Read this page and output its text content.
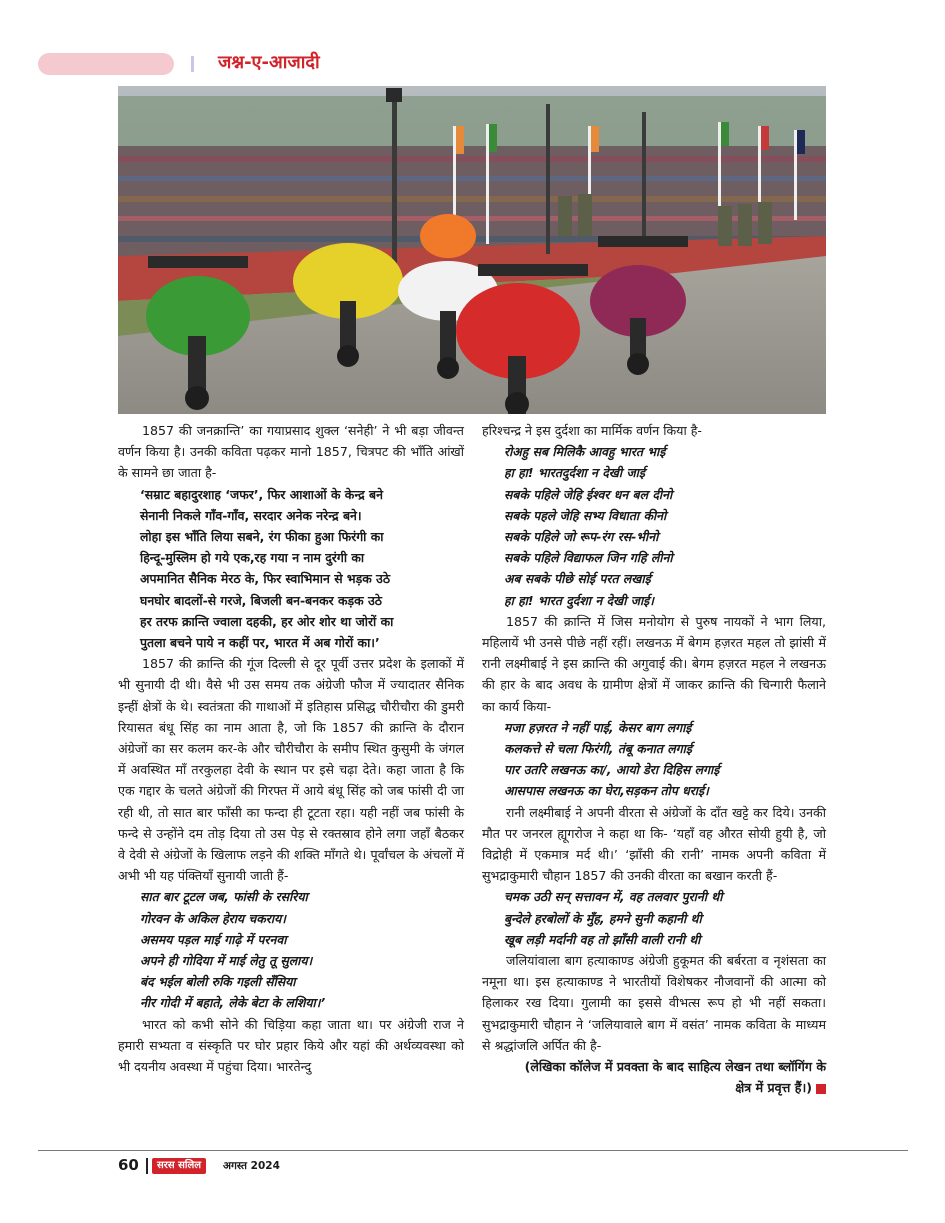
जश्न-ए-आजादी

1857 की जनक्रान्ति’ का गयाप्रसाद शुक्ल ‘सनेही’ ने भी बड़ा जीवन्त वर्णन किया है। उनकी कविता पढ़कर मानो 1857, चित्रपट की भाँति आंखों के सामने छा जाता है-

‘सम्राट बहादुरशाह ‘जफर’, फिर आशाओं के केन्द्र बने
सेनानी निकले गाँव-गाँव, सरदार अनेक नरेन्द्र बने।
लोहा इस भाँति लिया सबने, रंग फीका हुआ फिरंगी का
हिन्दू-मुस्लिम हो गये एक,रह गया न नाम दुरंगी का
अपमानित सैनिक मेरठ के, फिर स्वाभिमान से भड़क उठे
घनघोर बादलों-से गरजे, बिजली बन-बनकर कड़क उठे
हर तरफ क्रान्ति ज्वाला दहकी, हर ओर शोर था जोरों का
पुतला बचने पाये न कहीं पर, भारत में अब गोरों का।’

1857 की क्रान्ति की गूंज दिल्ली से दूर पूर्वी उत्तर प्रदेश के इलाकों में भी सुनायी दी थी। वैसे भी उस समय तक अंग्रेजी फौज में ज्यादातर सैनिक इन्हीं क्षेत्रों के थे। स्वतंत्रता की गाथाओं में इतिहास प्रसिद्ध चौरीचौरा की डुमरी रियासत बंधू सिंह का नाम आता है, जो कि 1857 की क्रान्ति के दौरान अंग्रेजों का सर कलम कर-के और चौरीचौरा के समीप स्थित कुसुमी के जंगल में अवस्थित माँ तरकुलहा देवी के स्थान पर इसे चढ़ा देते। कहा जाता है कि एक गद्दार के चलते अंग्रेजों की गिरफ्त में आये बंधू सिंह को जब फांसी दी जा रही थी, तो सात बार फाँसी का फन्दा ही टूटता रहा। यही नहीं जब फांसी के फन्दे से उन्होंने दम तोड़ दिया तो उस पेड़ से रक्तस्राव होने लगा जहाँ बैठकर वे देवी से अंग्रेजों के खिलाफ लड़ने की शक्ति माँगते थे। पूर्वांचल के अंचलों में अभी भी यह पंक्तियाँ सुनायी जाती हैं-

सात बार टूटल जब, फांसी के रसरिया
गोरवन के अकिल हेराय चकराय।
असमय पड़ल माई गाढ़े में परनवा
अपने ही गोदिया में माई लेतु तू सुलाय।
बंद भईल बोली रुकि गइली सँसिया
नीर गोदी में बहाते, लेके बेटा के लशिया।’

भारत को कभी सोने की चिड़िया कहा जाता था। पर अंग्रेजी राज ने हमारी सभ्यता व संस्कृति पर घोर प्रहार किये और यहां की अर्थव्यवस्था को भी दयनीय अवस्था में पहुंचा दिया। भारतेन्दु

हरिश्चन्द्र ने इस दुर्दशा का मार्मिक वर्णन किया है-

रोअहु सब मिलिकै आवहु भारत भाई
हा हा! भारतदुर्दशा न देखी जाई
सबके पहिले जेहि ईश्वर धन बल दीनो
सबके पहले जेहि सभ्य विधाता कीनो
सबके पहिले जो रूप-रंग रस-भीनो
सबके पहिले विद्याफल जिन गहि लीनो
अब सबके पीछे सोई परत लखाई
हा हा! भारत दुर्दशा न देखी जाई।

1857 की क्रान्ति में जिस मनोयोग से पुरुष नायकों ने भाग लिया, महिलायें भी उनसे पीछे नहीं रहीं। लखनऊ में बेगम हज़रत महल तो झांसी में रानी लक्ष्मीबाई ने इस क्रान्ति की अगुवाई की। बेगम हज़रत महल ने लखनऊ की हार के बाद अवध के ग्रामीण क्षेत्रों में जाकर क्रान्ति की चिन्गारी फैलाने का कार्य किया-

मजा हज़रत ने नहीं पाई, केसर बाग लगाई
कलकत्ते से चला फिरंगी, तंबू कनात लगाई
पार उतरि लखनऊ का/, आयो डेरा दिहिस लगाई
आसपास लखनऊ का घेरा,सड़कन तोप धराई।

रानी लक्ष्मीबाई ने अपनी वीरता से अंग्रेजों के दाँत खट्टे कर दिये। उनकी मौत पर जनरल ह्यूगरोज ने कहा था कि- ‘यहाँ वह औरत सोयी हुयी है, जो विद्रोही में एकमात्र मर्द थी।’ ‘झाँसी की रानी’ नामक अपनी कविता में सुभद्राकुमारी चौहान 1857 की उनकी वीरता का बखान करती हैं-

चमक उठी सन् सत्तावन में, वह तलवार पुरानी थी
बुन्देले हरबोलों के मुँह, हमने सुनी कहानी थी
खूब लड़ी मर्दानी वह तो झाँसी वाली रानी थी

जलियांवाला बाग हत्याकाण्ड अंग्रेजी हुकूमत की बर्बरता व नृशंसता का नमूना था। इस हत्याकाण्ड ने भारतीयों विशेषकर नौजवानों की आत्मा को हिलाकर रख दिया। गुलामी का इससे वीभत्स रूप हो भी नहीं सकता। सुभद्राकुमारी चौहान ने ‘जलियावाले बाग में वसंत’ नामक कविता के माध्यम से श्रद्धांजलि अर्पित की है-

(लेखिका कॉलेज में प्रवक्ता के बाद साहित्य लेखन तथा ब्लॉगिंग के क्षेत्र में प्रवृत्त हैं।)

60	सरस सलिल	अगस्त 2024
